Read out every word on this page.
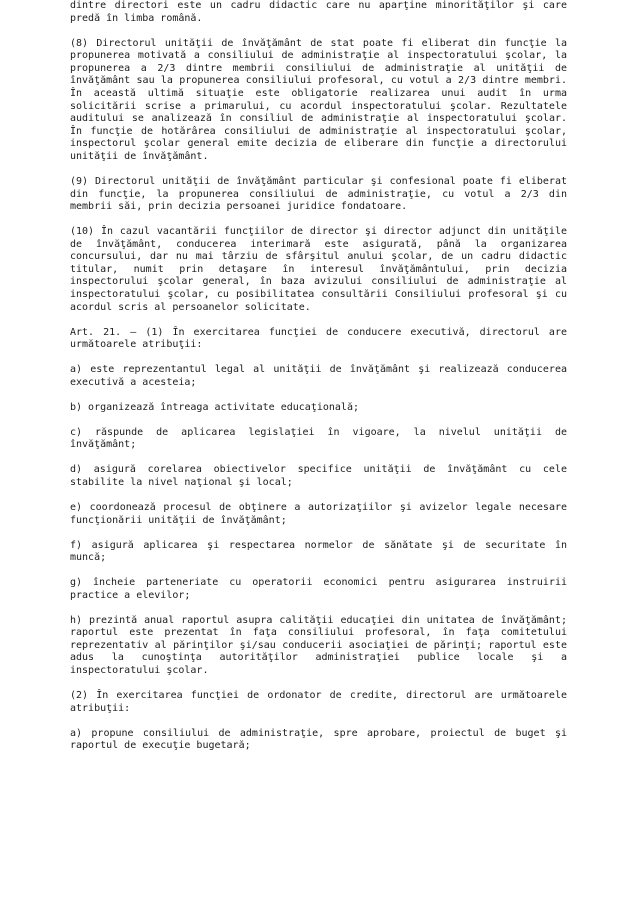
dintre directori este un cadru didactic care nu aparţine minorităţilor şi care predă în limba română.

(8) Directorul unităţii de învăţământ de stat poate fi eliberat din funcţie la propunerea motivată a consiliului de administraţie al inspectoratului şcolar, la propunerea a 2/3 dintre membrii consiliului de administraţie al unităţii de învăţământ sau la propunerea consiliului profesoral, cu votul a 2/3 dintre membri. În această ultimă situaţie este obligatorie realizarea unui audit în urma solicitării scrise a primarului, cu acordul inspectoratului şcolar. Rezultatele auditului se analizează în consiliul de administraţie al inspectoratului şcolar. În funcţie de hotărârea consiliului de administraţie al inspectoratului şcolar, inspectorul şcolar general emite decizia de eliberare din funcţie a directorului unităţii de învăţământ.

(9) Directorul unităţii de învăţământ particular şi confesional poate fi eliberat din funcţie, la propunerea consiliului de administraţie, cu votul a 2/3 din membrii săi, prin decizia persoanei juridice fondatoare.

(10) În cazul vacantării funcţiilor de director şi director adjunct din unităţile de învăţământ, conducerea interimară este asigurată, până la organizarea concursului, dar nu mai târziu de sfârşitul anului şcolar, de un cadru didactic titular, numit prin detaşare în interesul învăţământului, prin decizia inspectorului şcolar general, în baza avizului consiliului de administraţie al inspectoratului şcolar, cu posibilitatea consultării Consiliului profesoral şi cu acordul scris al persoanelor solicitate.

Art. 21. — (1) În exercitarea funcţiei de conducere executivă, directorul are următoarele atribuţii:

a) este reprezentantul legal al unităţii de învăţământ şi realizează conducerea executivă a acesteia;

b) organizează întreaga activitate educaţională;

c) răspunde de aplicarea legislaţiei în vigoare, la nivelul unităţii de învăţământ;

d) asigură corelarea obiectivelor specifice unităţii de învăţământ cu cele stabilite la nivel naţional şi local;

e) coordonează procesul de obţinere a autorizaţiilor şi avizelor legale necesare funcţionării unităţii de învăţământ;

f) asigură aplicarea şi respectarea normelor de sănătate şi de securitate în muncă;

g) încheie parteneriate cu operatorii economici pentru asigurarea instruirii practice a elevilor;

h) prezintă anual raportul asupra calităţii educaţiei din unitatea de învăţământ; raportul este prezentat în faţa consiliului profesoral, în faţa comitetului reprezentativ al părinţilor şi/sau conducerii asociaţiei de părinţi; raportul este adus la cunoştinţa autorităţilor administraţiei publice locale şi a inspectoratului şcolar.

(2) În exercitarea funcţiei de ordonator de credite, directorul are următoarele atribuţii:

a) propune consiliului de administraţie, spre aprobare, proiectul de buget şi raportul de execuţie bugetară;
